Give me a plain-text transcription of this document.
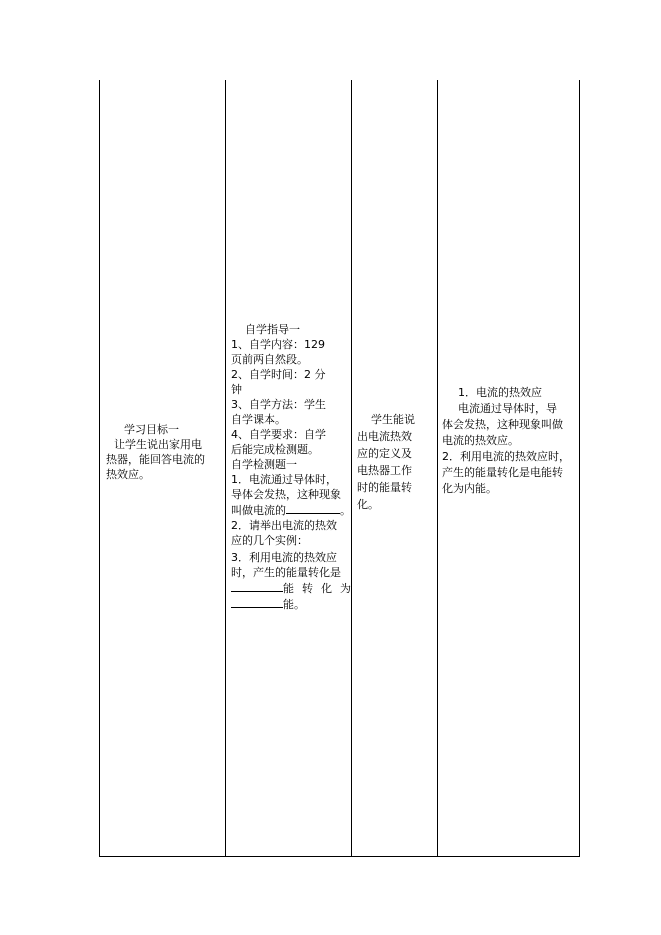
学习目标一
让学生说出家用电
热器，能回答电流的
热效应。
自学指导一
1、自学内容：129
页前两自然段。
2、自学时间：2 分
钟
3、自学方法：学生
自学课本。
4、自学要求：自学
后能完成检测题。
自学检测题一
1．电流通过导体时，
导体会发热，这种现象
叫做电流的	。
2．请举出电流的热效
应的几个实例：
3．利用电流的热效应
时，产生的能量转化是
能转化为
能。
学生能说
出电流热效
应的定义及
电热器工作
时的能量转
化。
1．电流的热效应
电流通过导体时，导
体会发热，这种现象叫做
电流的热效应。
2．利用电流的热效应时，
产生的能量转化是电能转
化为内能。
